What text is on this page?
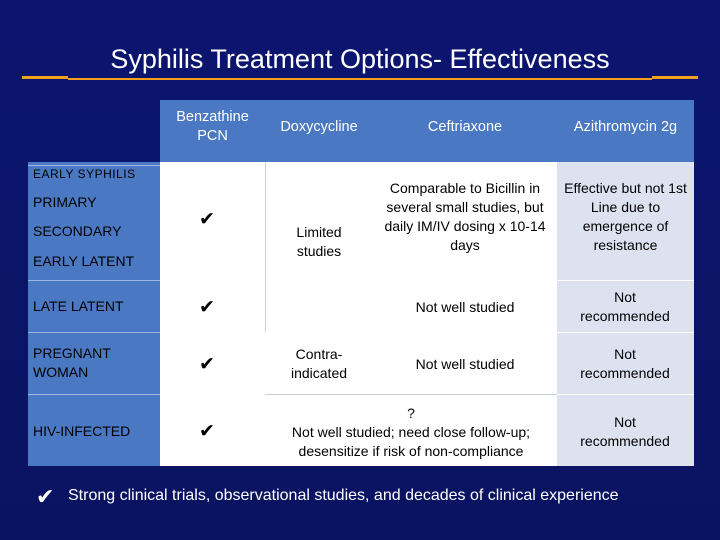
Syphilis Treatment Options- Effectiveness
Benzathine PCN
Doxycycline	Ceftriaxone	Azithromycin 2g
EARLY SYPHILIS
PRIMARY
SECONDARY
EARLY LATENT
LATE LATENT
PREGNANT WOMAN
HIV-INFECTED
✔
✔
✔
✔
Limited studies
Contra-indicated
Comparable to Bicillin in several small studies, but daily IM/IV dosing x 10-14 days
Not well studied
Not well studied
?
Not well studied; need close follow-up; desensitize if risk of non-compliance
Effective but not 1st Line due to emergence of resistance
Not recommended
Not recommended
Not recommended
✔ Strong clinical trials, observational studies, and decades of clinical experience
